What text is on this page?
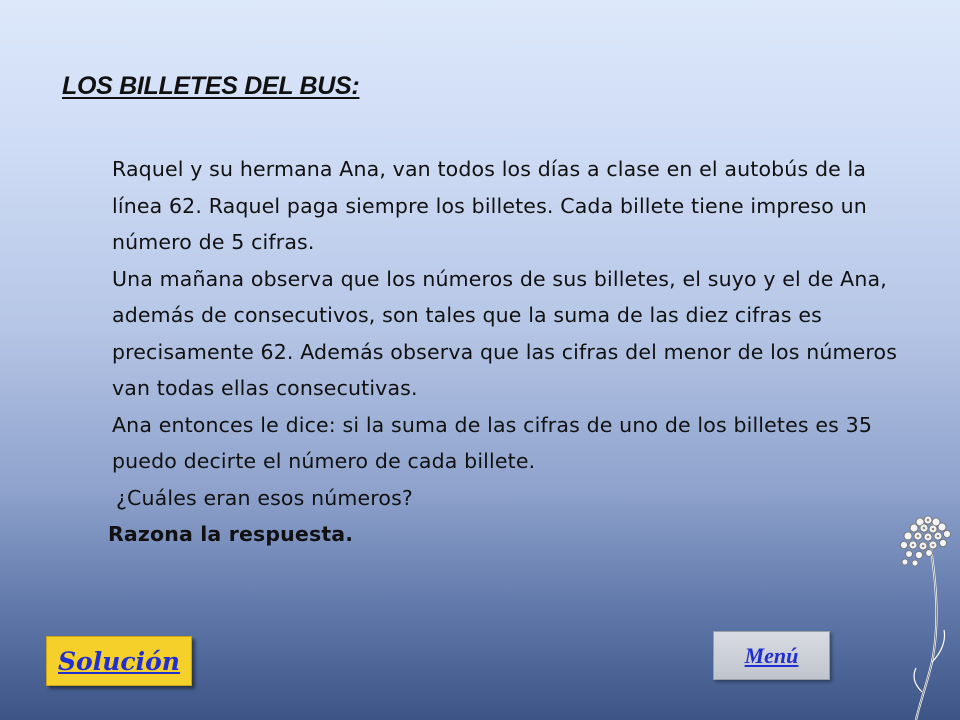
LOS BILLETES DEL BUS:

Raquel y su hermana Ana, van todos los días a clase en el autobús de la línea 62. Raquel paga siempre los billetes. Cada billete tiene impreso un número de 5 cifras.

Una mañana observa que los números de sus billetes, el suyo y el de Ana, además de consecutivos, son tales que la suma de las diez cifras es precisamente 62. Además observa que las cifras del menor de los números van todas ellas consecutivas.

Ana entonces le dice: si la suma de las cifras de uno de los billetes es 35 puedo decirte el número de cada billete.

¿Cuáles eran esos números?

Razona la respuesta.

Solución	Menú
